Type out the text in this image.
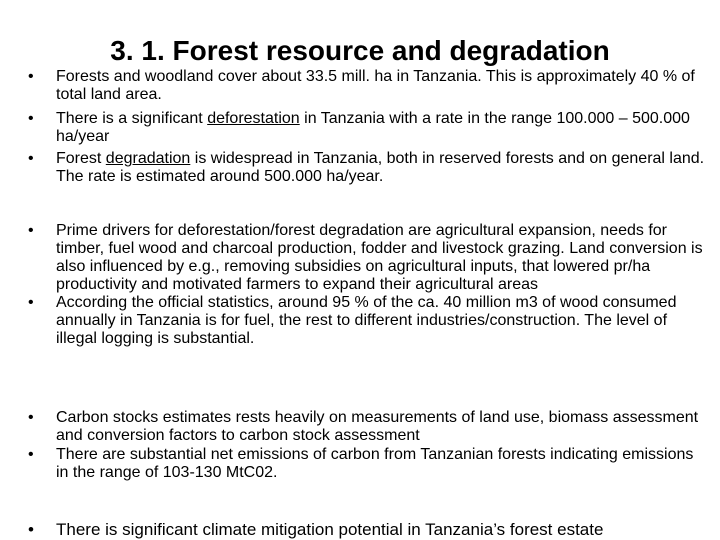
3. 1. Forest resource and degradation
• Forests and woodland cover about 33.5 mill. ha in Tanzania. This is approximately 40 % of total land area.
• There is a significant deforestation in Tanzania with a rate in the range 100.000 – 500.000 ha/year
• Forest degradation is widespread in Tanzania, both in reserved forests and on general land. The rate is estimated around 500.000 ha/year.
• Prime drivers for deforestation/forest degradation are agricultural expansion, needs for timber, fuel wood and charcoal production, fodder and livestock grazing. Land conversion is also influenced by e.g., removing subsidies on agricultural inputs, that lowered pr/ha productivity and motivated farmers to expand their agricultural areas
• According the official statistics, around 95 % of the ca. 40 million m3 of wood consumed annually in Tanzania is for fuel, the rest to different industries/construction. The level of illegal logging is substantial.
• Carbon stocks estimates rests heavily on measurements of land use, biomass assessment and conversion factors to carbon stock assessment
• There are substantial net emissions of carbon from Tanzanian forests indicating emissions in the range of 103-130 MtC02.
• There is significant climate mitigation potential in Tanzania’s forest estate
